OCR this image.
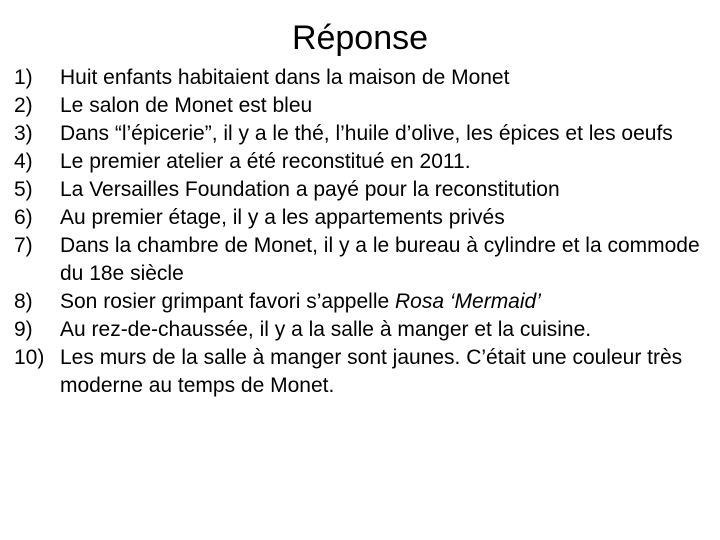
Réponse
1)	Huit enfants habitaient dans la maison de Monet
2)	Le salon de Monet est bleu
3)	Dans “l’épicerie”, il y a le thé, l’huile d’olive, les épices et les oeufs
4)	Le premier atelier a été reconstitué en 2011.
5)	La Versailles Foundation a payé pour la reconstitution
6)	Au premier étage, il y a les appartements privés
7)	Dans la chambre de Monet, il y a le bureau à cylindre et la commode du 18e siècle
8)	Son rosier grimpant favori s’appelle Rosa ‘Mermaid’
9)	Au rez-de-chaussée, il y a la salle à manger et la cuisine.
10) Les murs de la salle à manger sont jaunes. C’était une couleur très moderne au temps de Monet.
